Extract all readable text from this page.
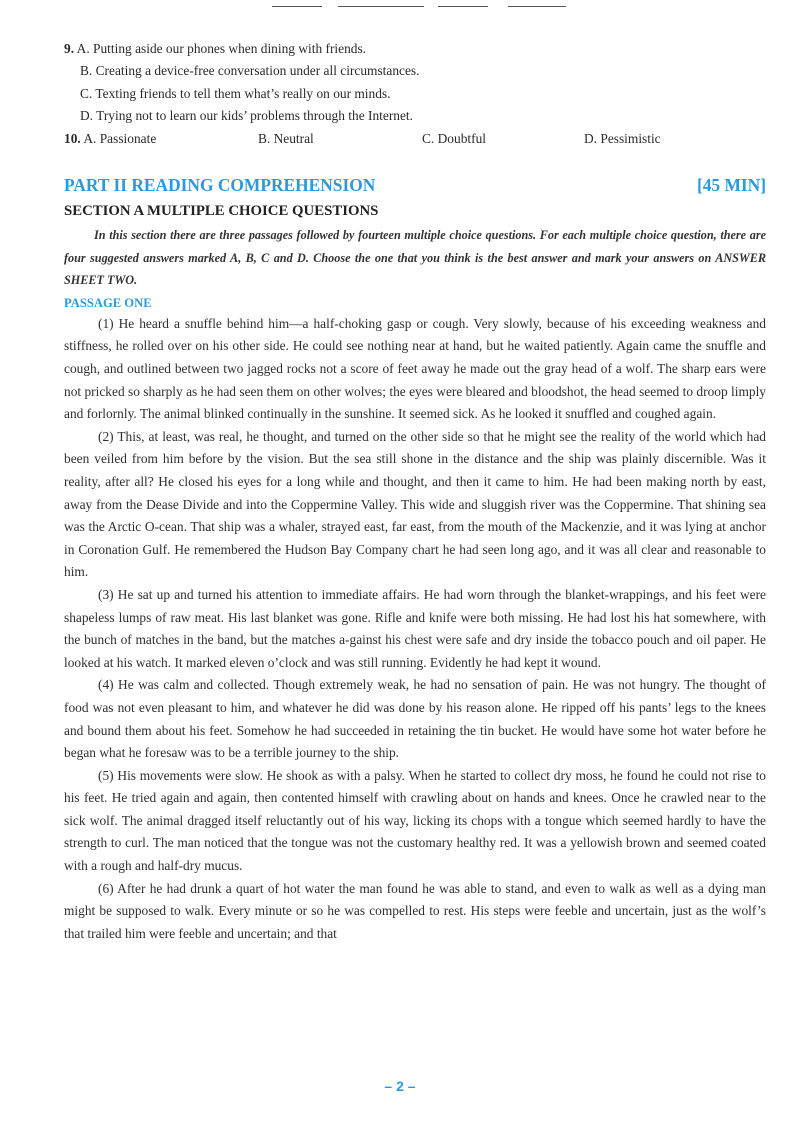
9. A. Putting aside our phones when dining with friends.
B. Creating a device-free conversation under all circumstances.
C. Texting friends to tell them what’s really on our minds.
D. Trying not to learn our kids’ problems through the Internet.
10. A. Passionate	B. Neutral	C. Doubtful	D. Pessimistic
PART II READING COMPREHENSION	[45 MIN]
SECTION A MULTIPLE CHOICE QUESTIONS
In this section there are three passages followed by fourteen multiple choice questions. For each multiple choice question, there are four suggested answers marked A, B, C and D. Choose the one that you think is the best answer and mark your answers on ANSWER SHEET TWO.
PASSAGE ONE
(1) He heard a snuffle behind him—a half-choking gasp or cough. Very slowly, because of his exceeding weakness and stiffness, he rolled over on his other side. He could see nothing near at hand, but he waited patiently. Again came the snuffle and cough, and outlined between two jagged rocks not a score of feet away he made out the gray head of a wolf. The sharp ears were not pricked so sharply as he had seen them on other wolves; the eyes were bleared and bloodshot, the head seemed to droop limply and forlornly. The animal blinked continually in the sunshine. It seemed sick. As he looked it snuffled and coughed again.
(2) This, at least, was real, he thought, and turned on the other side so that he might see the reality of the world which had been veiled from him before by the vision. But the sea still shone in the distance and the ship was plainly discernible. Was it reality, after all? He closed his eyes for a long while and thought, and then it came to him. He had been making north by east, away from the Dease Divide and into the Coppermine Valley. This wide and sluggish river was the Coppermine. That shining sea was the Arctic O-cean. That ship was a whaler, strayed east, far east, from the mouth of the Mackenzie, and it was lying at anchor in Coronation Gulf. He remembered the Hudson Bay Company chart he had seen long ago, and it was all clear and reasonable to him.
(3) He sat up and turned his attention to immediate affairs. He had worn through the blanket-wrappings, and his feet were shapeless lumps of raw meat. His last blanket was gone. Rifle and knife were both missing. He had lost his hat somewhere, with the bunch of matches in the band, but the matches a-gainst his chest were safe and dry inside the tobacco pouch and oil paper. He looked at his watch. It marked eleven o’clock and was still running. Evidently he had kept it wound.
(4) He was calm and collected. Though extremely weak, he had no sensation of pain. He was not hungry. The thought of food was not even pleasant to him, and whatever he did was done by his reason alone. He ripped off his pants’ legs to the knees and bound them about his feet. Somehow he had succeeded in retaining the tin bucket. He would have some hot water before he began what he foresaw was to be a terrible journey to the ship.
(5) His movements were slow. He shook as with a palsy. When he started to collect dry moss, he found he could not rise to his feet. He tried again and again, then contented himself with crawling about on hands and knees. Once he crawled near to the sick wolf. The animal dragged itself reluctantly out of his way, licking its chops with a tongue which seemed hardly to have the strength to curl. The man noticed that the tongue was not the customary healthy red. It was a yellowish brown and seemed coated with a rough and half-dry mucus.
(6) After he had drunk a quart of hot water the man found he was able to stand, and even to walk as well as a dying man might be supposed to walk. Every minute or so he was compelled to rest. His steps were feeble and uncertain, just as the wolf’s that trailed him were feeble and uncertain; and that
– 2 –
